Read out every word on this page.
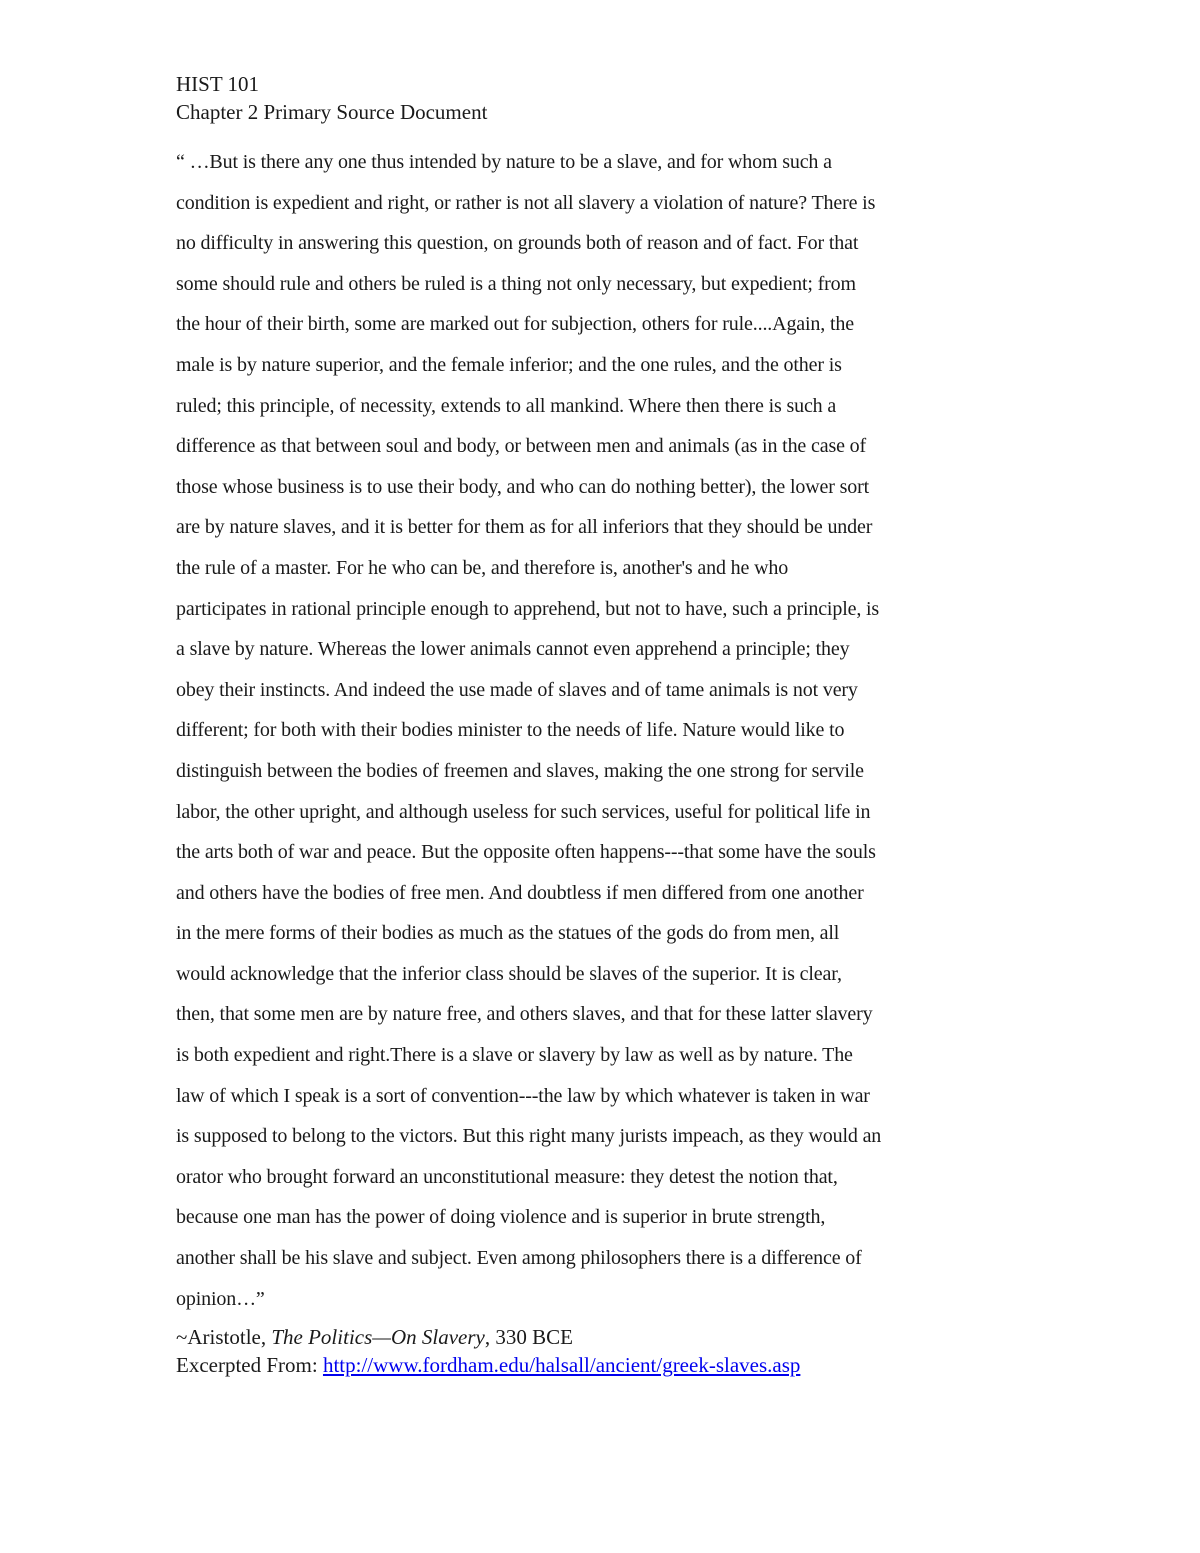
HIST 101

Chapter 2 Primary Source Document

“ …But is there any one thus intended by nature to be a slave, and for whom such a
condition is expedient and right, or rather is not all slavery a violation of nature? There is
no difficulty in answering this question, on grounds both of reason and of fact. For that
some should rule and others be ruled is a thing not only necessary, but expedient; from
the hour of their birth, some are marked out for subjection, others for rule....Again, the
male is by nature superior, and the female inferior; and the one rules, and the other is
ruled; this principle, of necessity, extends to all mankind. Where then there is such a
difference as that between soul and body, or between men and animals (as in the case of
those whose business is to use their body, and who can do nothing better), the lower sort
are by nature slaves, and it is better for them as for all inferiors that they should be under
the rule of a master. For he who can be, and therefore is, another's and he who
participates in rational principle enough to apprehend, but not to have, such a principle, is
a slave by nature. Whereas the lower animals cannot even apprehend a principle; they
obey their instincts. And indeed the use made of slaves and of tame animals is not very
different; for both with their bodies minister to the needs of life. Nature would like to
distinguish between the bodies of freemen and slaves, making the one strong for servile
labor, the other upright, and although useless for such services, useful for political life in
the arts both of war and peace. But the opposite often happens---that some have the souls
and others have the bodies of free men. And doubtless if men differed from one another
in the mere forms of their bodies as much as the statues of the gods do from men, all
would acknowledge that the inferior class should be slaves of the superior. It is clear,
then, that some men are by nature free, and others slaves, and that for these latter slavery
is both expedient and right.There is a slave or slavery by law as well as by nature. The
law of which I speak is a sort of convention---the law by which whatever is taken in war
is supposed to belong to the victors. But this right many jurists impeach, as they would an
orator who brought forward an unconstitutional measure: they detest the notion that,
because one man has the power of doing violence and is superior in brute strength,
another shall be his slave and subject. Even among philosophers there is a difference of
opinion…”

~Aristotle, The Politics—On Slavery, 330 BCE

Excerpted From: http://www.fordham.edu/halsall/ancient/greek-slaves.asp
